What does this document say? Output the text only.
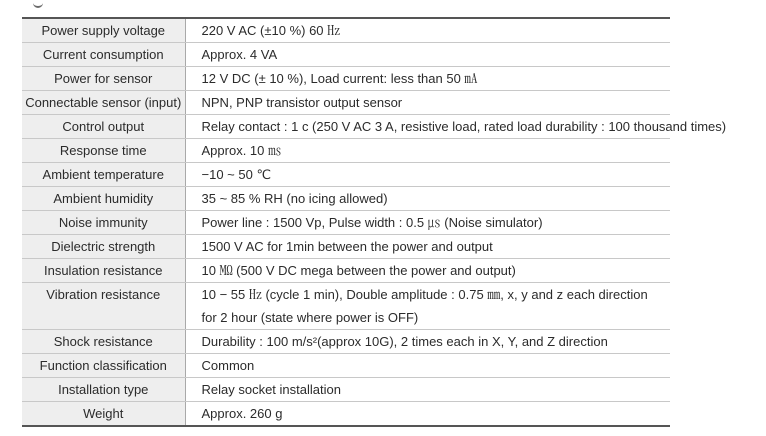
Power supply voltage	220 V AC (±10 %) 60 ㎐
Current consumption	Approx. 4 VA
Power for sensor	12 V DC (± 10 %), Load current: less than 50 ㎃
Connectable sensor (input)	NPN, PNP transistor output sensor
Control output	Relay contact : 1 c (250 V AC 3 A, resistive load, rated load durability : 100 thousand times)
Response time	Approx. 10 ㎳
Ambient temperature	−10 ~ 50 ℃
Ambient humidity	35 ~ 85 % RH (no icing allowed)
Noise immunity	Power line : 1500 Vp, Pulse width : 0.5 ㎲ (Noise simulator)
Dielectric strength	1500 V AC for 1min between the power and output
Insulation resistance	10 ㏁ (500 V DC mega between the power and output)
Vibration resistance	10 − 55 ㎐ (cycle 1 min), Double amplitude : 0.75 ㎜, x, y and z each direction
for 2 hour (state where power is OFF)

Shock resistance	Durability : 100 m/s²(approx 10G), 2 times each in X, Y, and Z direction
Function classification	Common
Installation type	Relay socket installation
Weight	Approx. 260 g
